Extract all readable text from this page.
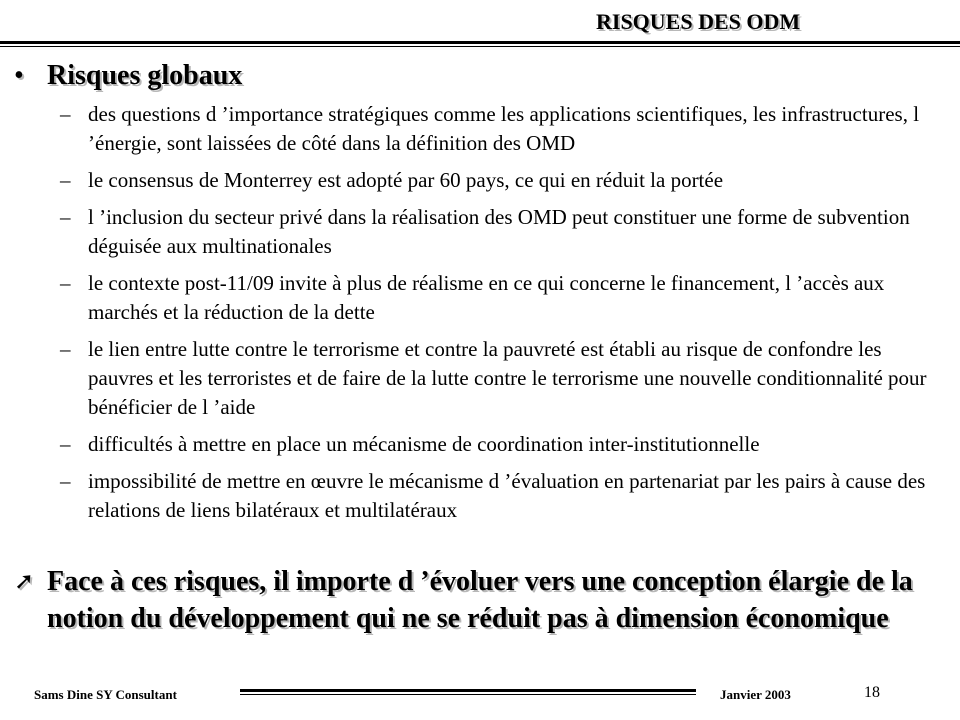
RISQUES DES ODM
• Risques globaux
– des questions d ’importance stratégiques comme les applications scientifiques, les infrastructures, l ’énergie, sont laissées de côté dans la définition des OMD
– le consensus de Monterrey est adopté par 60 pays, ce qui en réduit la portée
– l ’inclusion du secteur privé dans la réalisation des OMD peut constituer une forme de subvention déguisée aux multinationales
– le contexte post-11/09 invite à plus de réalisme en ce qui concerne le financement, l ’accès aux marchés et la réduction de la dette
– le lien entre lutte contre le terrorisme et contre la pauvreté est établi au risque de confondre les pauvres et les terroristes et de faire de la lutte contre le terrorisme une nouvelle conditionnalité pour bénéficier de l ’aide
– difficultés à mettre en place un mécanisme de coordination inter-institutionnelle
– impossibilité de mettre en œuvre le mécanisme d ’évaluation en partenariat par les pairs à cause des relations de liens bilatéraux et multilatéraux
➚ Face à ces risques, il importe d ’évoluer vers une conception élargie de la notion du développement qui ne se réduit pas à dimension économique
Sams Dine SY Consultant	Janvier 2003	18
